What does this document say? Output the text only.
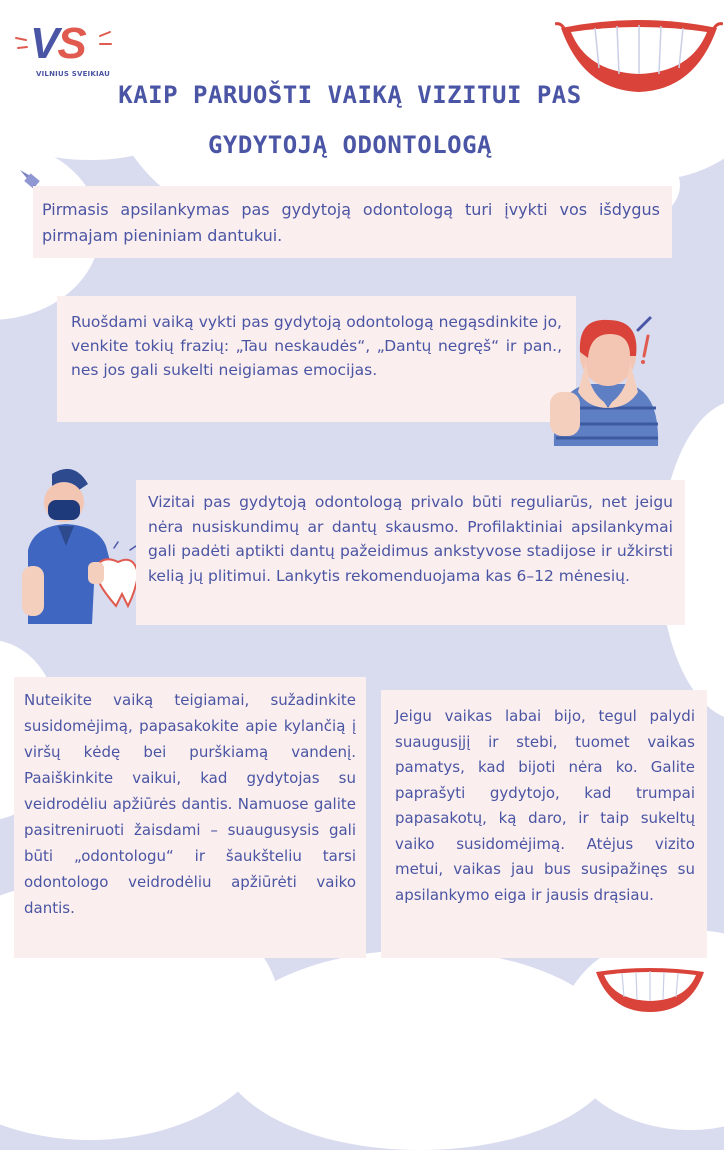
VS
VILNIUS SVEIKIAU
KAIP PARUOŠTI VAIKĄ VIZITUI PAS
GYDYTOJĄ ODONTOLOGĄ

Pirmasis apsilankymas pas gydytoją odontologą turi įvykti vos išdygus pirmajam pieniniam dantukui.

Ruošdami vaiką vykti pas gydytoją odontologą negąsdinkite jo, venkite tokių frazių: „Tau neskaudės“, „Dantų negręš“ ir pan., nes jos gali sukelti neigiamas emocijas.

Vizitai pas gydytoją odontologą privalo būti reguliarūs, net jeigu nėra nusiskundimų ar dantų skausmo. Profilaktiniai apsilankymai gali padėti aptikti dantų pažeidimus ankstyvose stadijose ir užkirsti kelią jų plitimui. Lankytis rekomenduojama kas 6–12 mėnesių.

Nuteikite vaiką teigiamai, sužadinkite susidomėjimą, papasakokite apie kylančią į viršų kėdę bei purškiamą vandenį. Paaiškinkite vaikui, kad gydytojas su veidrodėliu apžiūrės dantis. Namuose galite pasitreniruoti žaisdami – suaugusysis gali būti „odontologu“ ir šaukšteliu tarsi odontologo veidrodėliu apžiūrėti vaiko dantis.

Jeigu vaikas labai bijo, tegul palydi suaugusįjį ir stebi, tuomet vaikas pamatys, kad bijoti nėra ko. Galite paprašyti gydytojo, kad trumpai papasakotų, ką daro, ir taip sukeltų vaiko susidomėjimą. Atėjus vizito metui, vaikas jau bus susipažinęs su apsilankymo eiga ir jausis drąsiau.
